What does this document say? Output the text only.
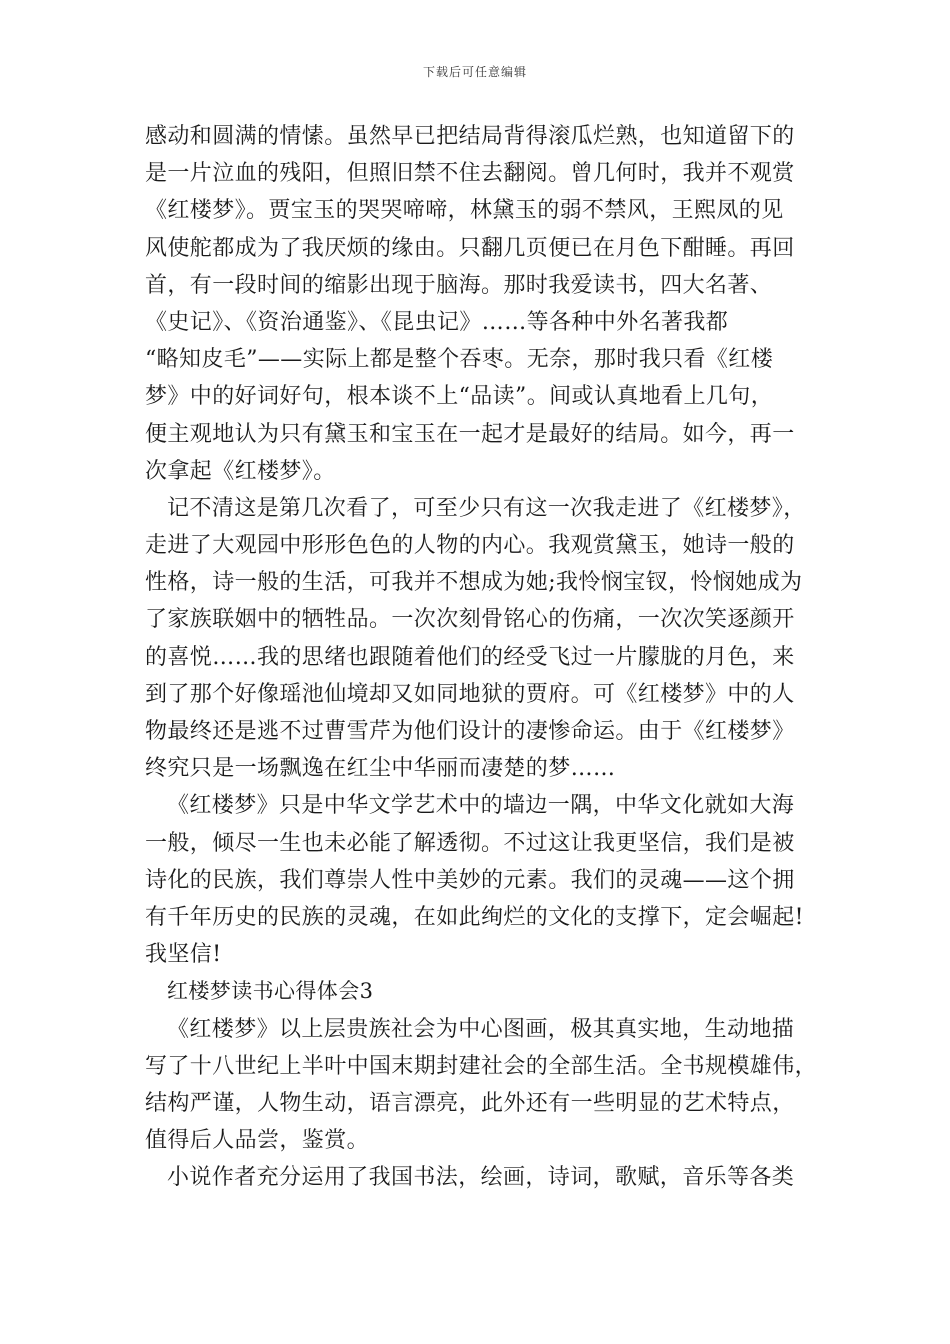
下载后可任意编辑
感动和圆满的情愫。虽然早已把结局背得滚瓜烂熟，也知道留下的
是一片泣血的残阳，但照旧禁不住去翻阅。曾几何时，我并不观赏
《红楼梦》。贾宝玉的哭哭啼啼，林黛玉的弱不禁风，王熙凤的见
风使舵都成为了我厌烦的缘由。只翻几页便已在月色下酣睡。再回
首，有一段时间的缩影出现于脑海。那时我爱读书，四大名著、
《史记》、《资治通鉴》、《昆虫记》……等各种中外名著我都
“略知皮毛”——实际上都是整个吞枣。无奈，那时我只看《红楼
梦》中的好词好句，根本谈不上“品读”。间或认真地看上几句，
便主观地认为只有黛玉和宝玉在一起才是最好的结局。如今，再一
次拿起《红楼梦》。
记不清这是第几次看了，可至少只有这一次我走进了《红楼梦》，
走进了大观园中形形色色的人物的内心。我观赏黛玉，她诗一般的
性格，诗一般的生活，可我并不想成为她;我怜悯宝钗，怜悯她成为
了家族联姻中的牺牲品。一次次刻骨铭心的伤痛，一次次笑逐颜开
的喜悦……我的思绪也跟随着他们的经受飞过一片朦胧的月色，来
到了那个好像瑶池仙境却又如同地狱的贾府。可《红楼梦》中的人
物最终还是逃不过曹雪芹为他们设计的凄惨命运。由于《红楼梦》
终究只是一场飘逸在红尘中华丽而凄楚的梦……
《红楼梦》只是中华文学艺术中的墙边一隅，中华文化就如大海
一般，倾尽一生也未必能了解透彻。不过这让我更坚信，我们是被
诗化的民族，我们尊崇人性中美妙的元素。我们的灵魂——这个拥
有千年历史的民族的灵魂，在如此绚烂的文化的支撑下，定会崛起!
我坚信!
红楼梦读书心得体会3
《红楼梦》以上层贵族社会为中心图画，极其真实地，生动地描
写了十八世纪上半叶中国末期封建社会的全部生活。全书规模雄伟，
结构严谨，人物生动，语言漂亮，此外还有一些明显的艺术特点，
值得后人品尝，鉴赏。
小说作者充分运用了我国书法，绘画，诗词，歌赋，音乐等各类
